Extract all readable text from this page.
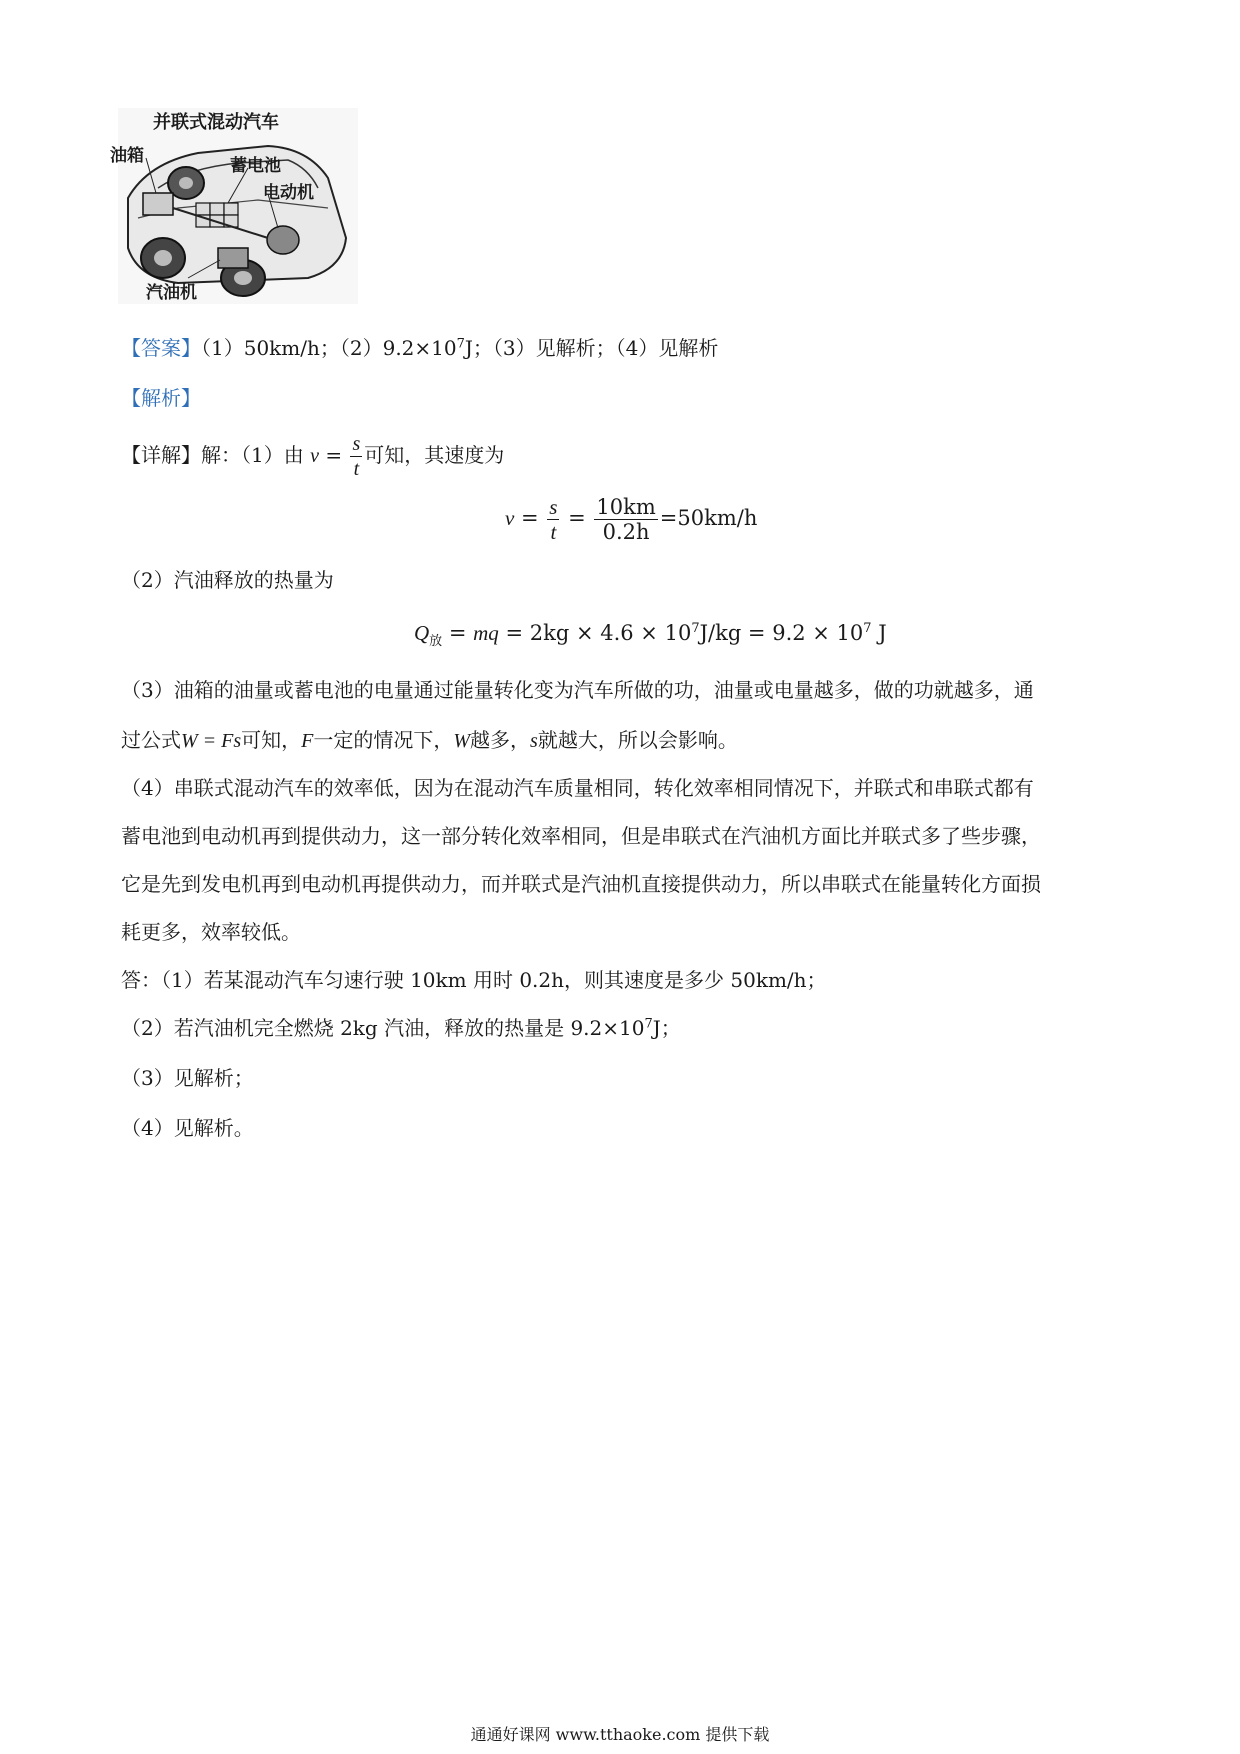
并联式混动汽车
油箱	蓄电池
电动机
汽油机
【答案】（1）50km/h；$(2)9.2\times 10^7J$；（3）见解析；（4）见解析
【解析】
【详解】解：（1）由 $v = \frac{s}{t}$ 可知，其速度为
$v = \frac{s}{t} = \frac{10km}{0.2h} =50km/h$
（2）汽油释放的热量为
$Q_放$ = mq = $2kg \times 4.6 \times 10^7J/kg = 9.2 \times 10^7$ J
（3）油箱的油量或蓄电池的电量通过能量转化变为汽车所做的功，油量或电量越多，做的功就越多，通
过公式W = Fs可知，F一定的情况下，W越多，s就越大，所以会影响。
（4）串联式混动汽车的效率低，因为在混动汽车质量相同，转化效率相同情况下，并联式和串联式都有
蓄电池到电动机再到提供动力，这一部分转化效率相同，但是串联式在汽油机方面比并联式多了些步骤，
它是先到发电机再到电动机再提供动力，而并联式是汽油机直接提供动力，所以串联式在能量转化方面损
耗更多，效率较低。
答：（1）若某混动汽车匀速行驶 10km 用时 0.2h，则其速度是多少 50km/h；
（2）若汽油机完全燃烧 2kg 汽油，释放的热量是 $9.2\times 10^7J$；
（3）见解析；
（4）见解析。
通通好课网 www.tthaoke.com 提供下载
